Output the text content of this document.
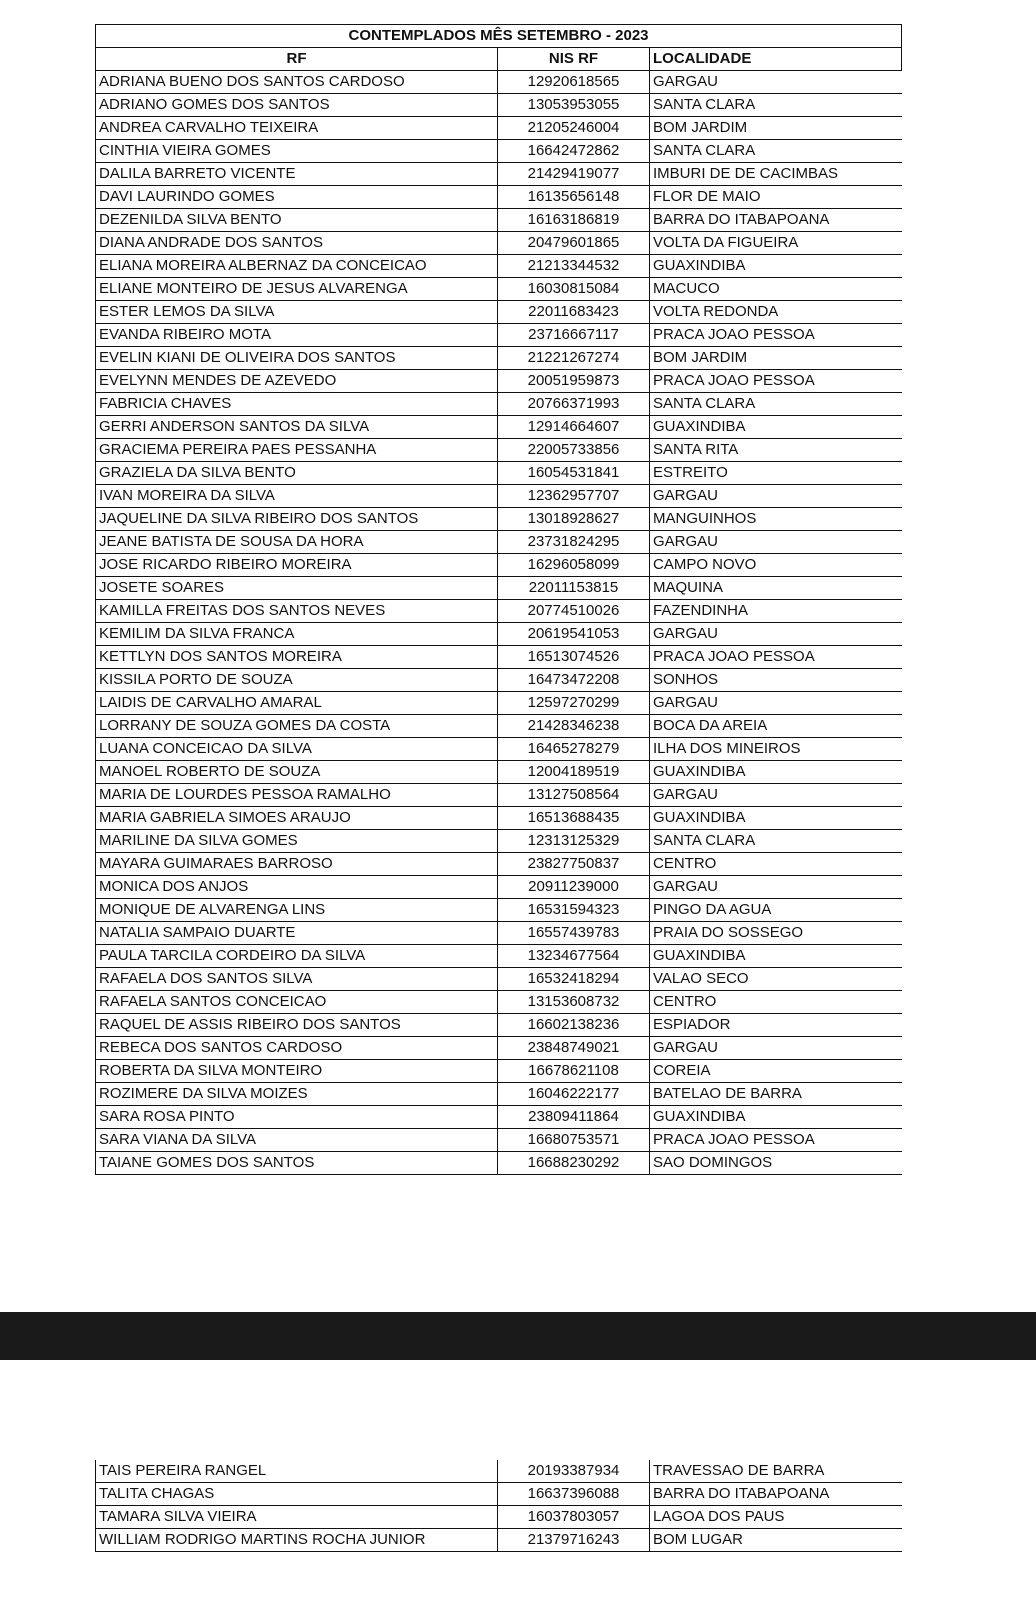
CONTEMPLADOS MÊS SETEMBRO - 2023		
RF	NIS RF	LOCALIDADE
ADRIANA BUENO DOS SANTOS CARDOSO	12920618565	GARGAU
ADRIANO GOMES DOS SANTOS	13053953055	SANTA CLARA
ANDREA CARVALHO TEIXEIRA	21205246004	BOM JARDIM
CINTHIA VIEIRA GOMES	16642472862	SANTA CLARA
DALILA BARRETO VICENTE	21429419077	IMBURI DE DE CACIMBAS
DAVI LAURINDO GOMES	16135656148	FLOR DE MAIO
DEZENILDA SILVA BENTO	16163186819	BARRA DO ITABAPOANA
DIANA ANDRADE DOS SANTOS	20479601865	VOLTA DA FIGUEIRA
ELIANA MOREIRA ALBERNAZ DA CONCEICAO	21213344532	GUAXINDIBA
ELIANE MONTEIRO DE JESUS ALVARENGA	16030815084	MACUCO
ESTER LEMOS DA SILVA	22011683423	VOLTA REDONDA
EVANDA RIBEIRO MOTA	23716667117	PRACA JOAO PESSOA
EVELIN KIANI DE OLIVEIRA DOS SANTOS	21221267274	BOM JARDIM
EVELYNN MENDES DE AZEVEDO	20051959873	PRACA JOAO PESSOA
FABRICIA CHAVES	20766371993	SANTA CLARA
GERRI ANDERSON SANTOS DA SILVA	12914664607	GUAXINDIBA
GRACIEMA PEREIRA PAES PESSANHA	22005733856	SANTA RITA
GRAZIELA DA SILVA BENTO	16054531841	ESTREITO
IVAN MOREIRA DA SILVA	12362957707	GARGAU
JAQUELINE DA SILVA RIBEIRO DOS SANTOS	13018928627	MANGUINHOS
JEANE BATISTA DE SOUSA DA HORA	23731824295	GARGAU
JOSE RICARDO RIBEIRO MOREIRA	16296058099	CAMPO NOVO
JOSETE SOARES	22011153815	MAQUINA
KAMILLA FREITAS DOS SANTOS NEVES	20774510026	FAZENDINHA
KEMILIM DA SILVA FRANCA	20619541053	GARGAU
KETTLYN DOS SANTOS MOREIRA	16513074526	PRACA JOAO PESSOA
KISSILA PORTO DE SOUZA	16473472208	SONHOS
LAIDIS DE CARVALHO AMARAL	12597270299	GARGAU
LORRANY DE SOUZA GOMES DA COSTA	21428346238	BOCA DA AREIA
LUANA CONCEICAO DA SILVA	16465278279	ILHA DOS MINEIROS
MANOEL ROBERTO DE SOUZA	12004189519	GUAXINDIBA
MARIA DE LOURDES PESSOA RAMALHO	13127508564	GARGAU
MARIA GABRIELA SIMOES ARAUJO	16513688435	GUAXINDIBA
MARILINE DA SILVA GOMES	12313125329	SANTA CLARA
MAYARA GUIMARAES BARROSO	23827750837	CENTRO
MONICA DOS ANJOS	20911239000	GARGAU
MONIQUE DE ALVARENGA LINS	16531594323	PINGO DA AGUA
NATALIA SAMPAIO DUARTE	16557439783	PRAIA DO SOSSEGO
PAULA TARCILA CORDEIRO DA SILVA	13234677564	GUAXINDIBA
RAFAELA DOS SANTOS SILVA	16532418294	VALAO SECO
RAFAELA SANTOS CONCEICAO	13153608732	CENTRO
RAQUEL DE ASSIS RIBEIRO DOS SANTOS	16602138236	ESPIADOR
REBECA DOS SANTOS CARDOSO	23848749021	GARGAU
ROBERTA DA SILVA MONTEIRO	16678621108	COREIA
ROZIMERE DA SILVA MOIZES	16046222177	BATELAO DE BARRA
SARA ROSA PINTO	23809411864	GUAXINDIBA
SARA VIANA DA SILVA	16680753571	PRACA JOAO PESSOA
TAIANE GOMES DOS SANTOS	16688230292	SAO DOMINGOS
TAIS PEREIRA RANGEL	20193387934	TRAVESSAO DE BARRA
TALITA CHAGAS	16637396088	BARRA DO ITABAPOANA
TAMARA SILVA VIEIRA	16037803057	LAGOA DOS PAUS
WILLIAM RODRIGO MARTINS ROCHA JUNIOR	21379716243	BOM LUGAR
